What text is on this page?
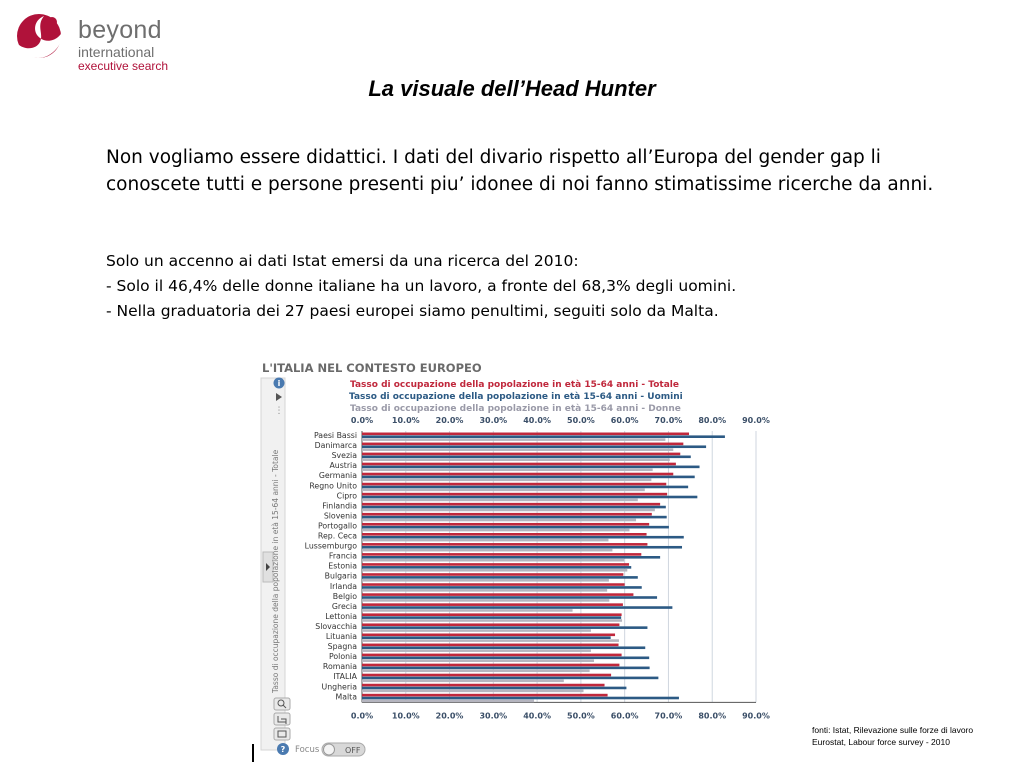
beyond
international
executive search
La visuale dell’Head Hunter
Non vogliamo essere didattici. I dati del divario rispetto all’Europa del gender gap li conoscete tutti e persone presenti piu’ idonee di noi fanno stimatissime ricerche da anni.
Solo un accenno ai dati Istat emersi da una ricerca del 2010:
- Solo il 46,4% delle donne italiane ha un lavoro, a fronte del 68,3% degli uomini.
- Nella graduatoria dei 27 paesi europei siamo penultimi, seguiti solo da Malta.
L'ITALIA NEL CONTESTO EUROPEO
i
⋮
Tasso di occupazione della popolazione in età 15-64 anni - Totale
Tasso di occupazione della popolazione in età 15-64 anni - Totale
Tasso di occupazione della popolazione in età 15-64 anni - Uomini
Tasso di occupazione della popolazione in età 15-64 anni - Donne
0.0%
0.0%
10.0%
10.0%
20.0%
20.0%
30.0%
30.0%
40.0%
40.0%
50.0%
50.0%
60.0%
60.0%
70.0%
70.0%
80.0%
80.0%
90.0%
90.0%
Paesi Bassi
Danimarca
Svezia
Austria
Germania
Regno Unito
Cipro
Finlandia
Slovenia
Portogallo
Rep. Ceca
Lussemburgo
Francia
Estonia
Bulgaria
Irlanda
Belgio
Grecia
Lettonia
Slovacchia
Lituania
Spagna
Polonia
Romania
ITALIA
Ungheria
Malta
? Focus	OFF
fonti: Istat, Rilevazione sulle forze di lavoro
Eurostat, Labour force survey - 2010
